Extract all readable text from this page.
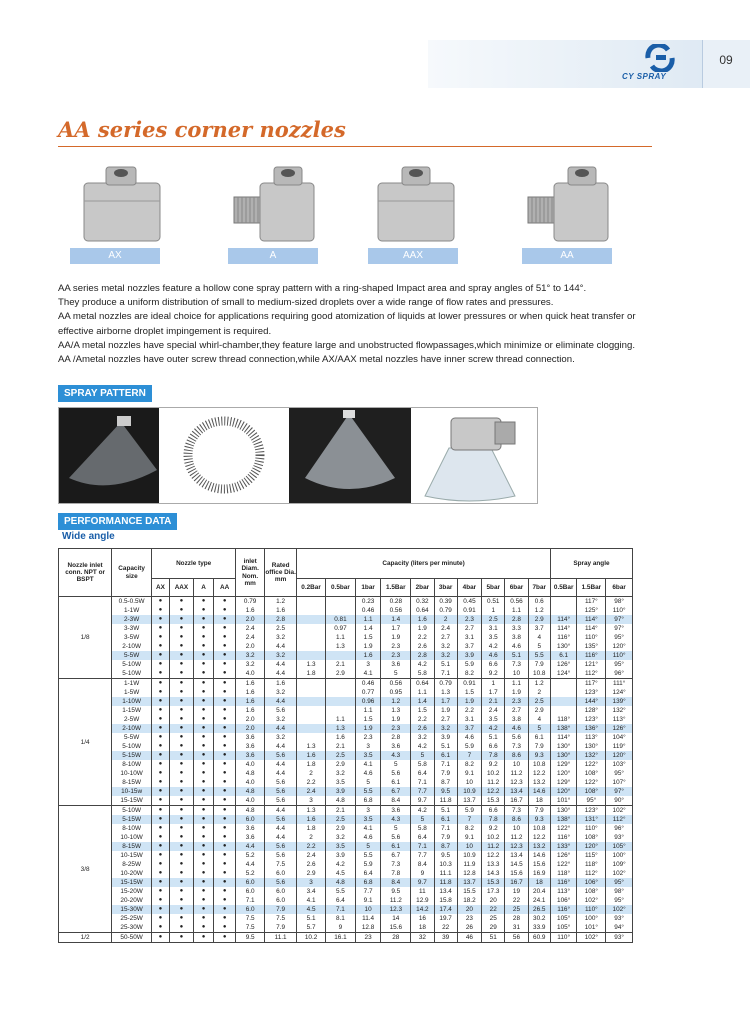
09
CY SPRAY
AA series corner nozzles
AX	A	AAX	AA

AA series metal nozzles feature a hollow cone spray pattern with a ring-shaped Impact area and spray angles of 51° to 144°.

They produce a uniform distribution of small to medium-sized droplets over a wide range of flow rates and pressures.

AA metal nozzles are ideal choice for applications requiring good atomization of liquids at lower pressures or when quick heat transfer or effective airborne droplet impingement is required.

AA/A metal nozzles have special whirl-chamber,they feature large and unobstructed flowpassages,which minimize or eliminate clogging.

AA /Ametal nozzles have outer screw thread connection,while AX/AAX metal nozzles have inner screw thread connection.

SPRAY PATTERN
PERFORMANCE DATA
Wide angle
Nozzle inlet conn. NPT or BSPT	Capacity size	Nozzle type				inlet Diam. Nom. mm	Rated office Dia. mm	Capacity (liters per minute)										Spray angle		
		AX	AAX	A	AA			0.2Bar	0.5bar	1bar	1.5Bar	2bar	3bar	4bar	5bar	6bar	7bar	0.5Bar	1.5Bar	6bar
1/8	0.5-0.5W	●	●	●	●	0.79	1.2			0.23	0.28	0.32	0.39	0.45	0.51	0.56	0.6		117°	98°
	1-1W	●	●	●	●	1.6	1.6			0.46	0.56	0.64	0.79	0.91	1	1.1	1.2		125°	110°
	2-3W	●	●	●	●	2.0	2.8		0.81	1.1	1.4	1.6	2	2.3	2.5	2.8	2.9	114°	114°	97°
	3-3W	●	●	●	●	2.4	2.5		0.97	1.4	1.7	1.9	2.4	2.7	3.1	3.3	3.7	114°	114°	97°
	3-5W	●	●	●	●	2.4	3.2		1.1	1.5	1.9	2.2	2.7	3.1	3.5	3.8	4	116°	110°	95°
	2-10W	●	●	●	●	2.0	4.4		1.3	1.9	2.3	2.6	3.2	3.7	4.2	4.6	5	130°	135°	120°
	5-5W	●	●	●	●	3.2	3.2			1.6	2.3	2.8	3.2	3.9	4.6	5.1	5.5	6.1	116°	110°
	5-10W	●	●	●	●	3.2	4.4	1.3	2.1	3	3.6	4.2	5.1	5.9	6.6	7.3	7.9	126°	121°	95°
	5-10W	●	●	●	●	4.0	4.4	1.8	2.9	4.1	5	5.8	7.1	8.2	9.2	10	10.8	124°	112°	96°
1/4	1-1W	●	●	●	●	1.6	1.6			0.46	0.56	0.64	0.79	0.91	1	1.1	1.2		117°	111°
	1-5W	●	●	●	●	1.6	3.2			0.77	0.95	1.1	1.3	1.5	1.7	1.9	2		123°	124°
	1-10W	●	●	●	●	1.6	4.4			0.96	1.2	1.4	1.7	1.9	2.1	2.3	2.5		144°	139°
	1-15W	●	●	●	●	1.6	5.6			1.1	1.3	1.5	1.9	2.2	2.4	2.7	2.9		128°	132°
	2-5W	●	●	●	●	2.0	3.2		1.1	1.5	1.9	2.2	2.7	3.1	3.5	3.8	4	118°	123°	113°
	2-10W	●	●	●	●	2.0	4.4		1.3	1.9	2.3	2.6	3.2	3.7	4.2	4.6	5	138°	136°	126°
	5-5W	●	●	●	●	3.6	3.2		1.6	2.3	2.8	3.2	3.9	4.6	5.1	5.6	6.1	114°	113°	104°
	5-10W	●	●	●	●	3.6	4.4	1.3	2.1	3	3.6	4.2	5.1	5.9	6.6	7.3	7.9	130°	130°	119°
	5-15W	●	●	●	●	3.6	5.6	1.6	2.5	3.5	4.3	5	6.1	7	7.8	8.6	9.3	130°	132°	120°
	8-10W	●	●	●	●	4.0	4.4	1.8	2.9	4.1	5	5.8	7.1	8.2	9.2	10	10.8	129°	122°	103°
	10-10W	●	●	●	●	4.8	4.4	2	3.2	4.6	5.6	6.4	7.9	9.1	10.2	11.2	12.2	120°	108°	95°
	8-15W	●	●	●	●	4.0	5.6	2.2	3.5	5	6.1	7.1	8.7	10	11.2	12.3	13.2	129°	122°	107°
	10-15w	●	●	●	●	4.8	5.6	2.4	3.9	5.5	6.7	7.7	9.5	10.9	12.2	13.4	14.6	120°	108°	97°
	15-15W	●	●	●	●	4.0	5.6	3	4.8	6.8	8.4	9.7	11.8	13.7	15.3	16.7	18	101°	95°	90°
3/8	5-10W	●	●	●	●	4.8	4.4	1.3	2.1	3	3.6	4.2	5.1	5.9	6.6	7.3	7.9	130°	123°	102°
	5-15W	●	●	●	●	6.0	5.6	1.6	2.5	3.5	4.3	5	6.1	7	7.8	8.6	9.3	138°	131°	112°
	8-10W	●	●	●	●	3.6	4.4	1.8	2.9	4.1	5	5.8	7.1	8.2	9.2	10	10.8	122°	110°	96°
	10-10W	●	●	●	●	3.6	4.4	2	3.2	4.6	5.6	6.4	7.9	9.1	10.2	11.2	12.2	116°	108°	93°
	8-15W	●	●	●	●	4.4	5.6	2.2	3.5	5	6.1	7.1	8.7	10	11.2	12.3	13.2	133°	120°	105°
	10-15W	●	●	●	●	5.2	5.6	2.4	3.9	5.5	6.7	7.7	9.5	10.9	12.2	13.4	14.6	126°	115°	100°
	8-25W	●	●	●	●	4.4	7.5	2.6	4.2	5.9	7.3	8.4	10.3	11.9	13.3	14.5	15.6	122°	118°	109°
	10-20W	●	●	●	●	5.2	6.0	2.9	4.5	6.4	7.8	9	11.1	12.8	14.3	15.6	16.9	118°	112°	102°
	15-15W	●	●	●	●	6.0	5.6	3	4.8	6.8	8.4	9.7	11.8	13.7	15.3	16.7	18	116°	106°	95°
	15-20W	●	●	●	●	6.0	6.0	3.4	5.5	7.7	9.5	11	13.4	15.5	17.3	19	20.4	113°	108°	98°
	20-20W	●	●	●	●	7.1	6.0	4.1	6.4	9.1	11.2	12.9	15.8	18.2	20	22	24.1	106°	102°	95°
	15-30W	●	●	●	●	6.0	7.9	4.5	7.1	10	12.3	14.2	17.4	20	22	25	26.5	116°	110°	102°
	25-25W	●	●	●	●	7.5	7.5	5.1	8.1	11.4	14	16	19.7	23	25	28	30.2	105°	100°	93°
	25-30W	●	●	●	●	7.5	7.9	5.7	9	12.8	15.6	18	22	26	29	31	33.9	105°	101°	94°
1/2	50-50W	●	●	●	●	9.5	11.1	10.2	16.1	23	28	32	39	46	51	56	60.9	110°	102°	93°
